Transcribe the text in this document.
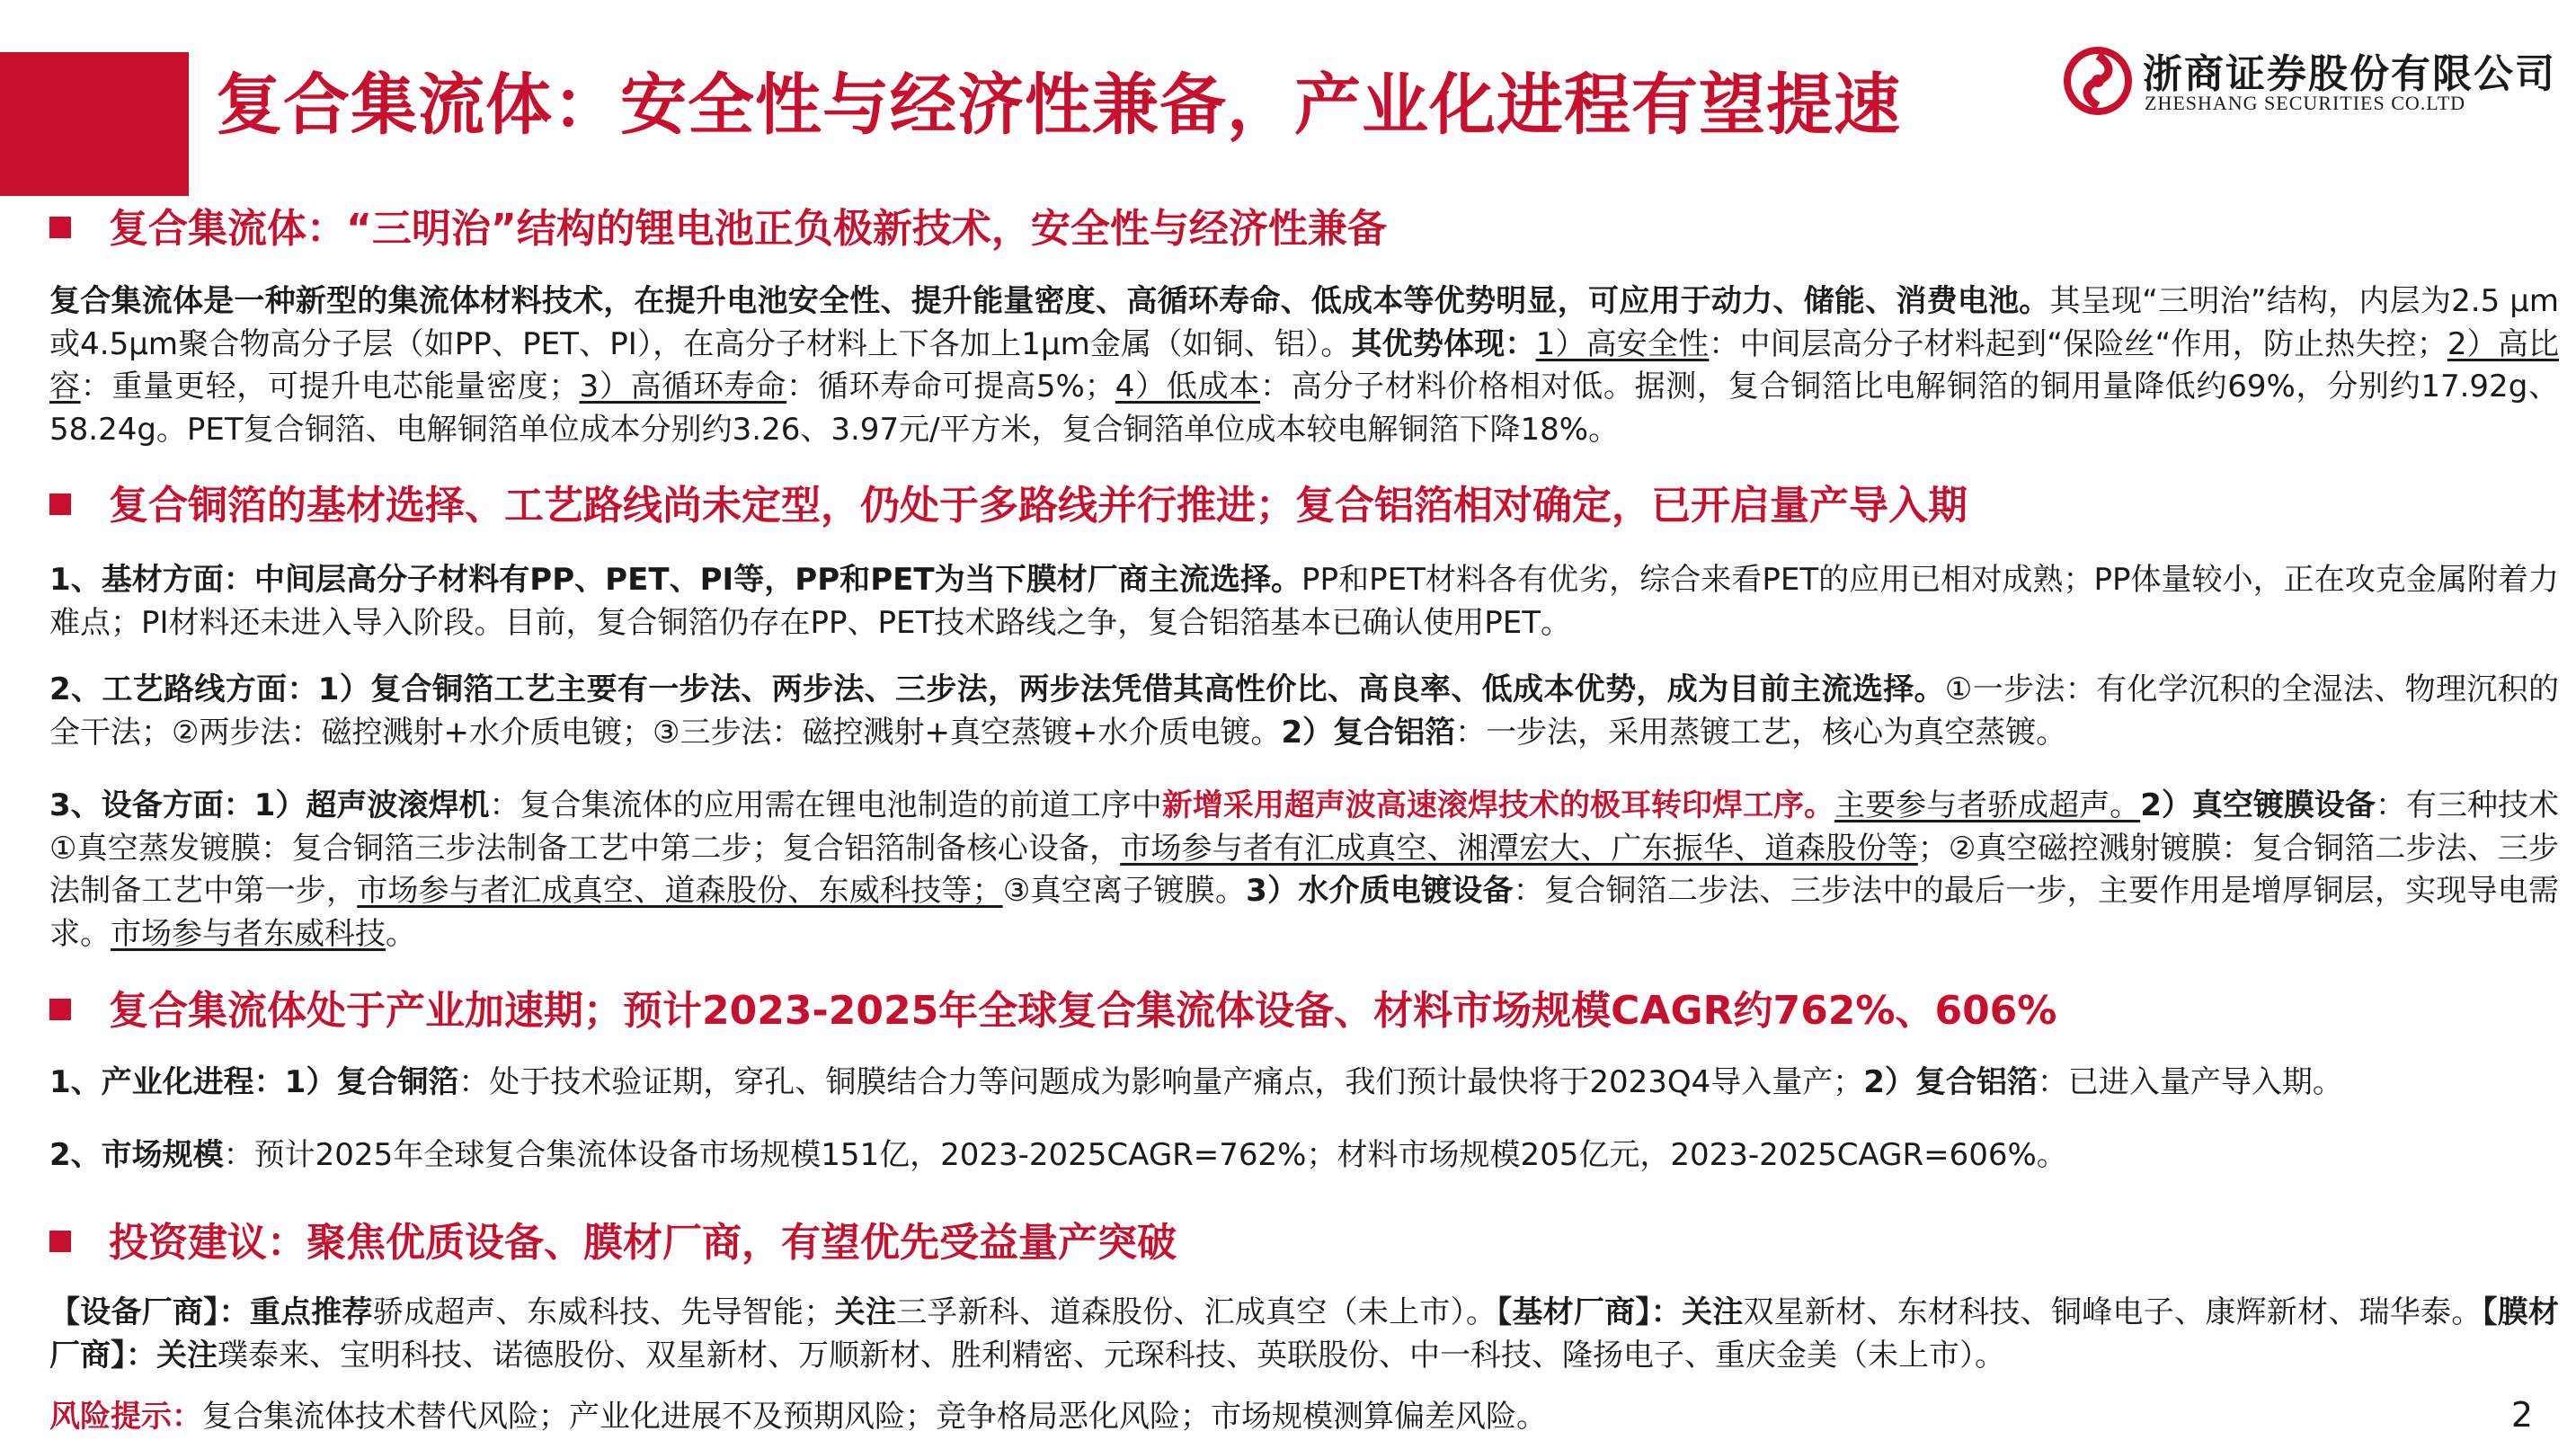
复合集流体：安全性与经济性兼备，产业化进程有望提速	浙商证券股份有限公司
ZHESHANG SECURITIES CO.LTD
复合集流体：“三明治”结构的锂电池正负极新技术，安全性与经济性兼备
复合集流体是一种新型的集流体材料技术，在提升电池安全性、提升能量密度、高循环寿命、低成本等优势明显，可应用于动力、储能、消费电池。其呈现“三明治”结构，内层为2.5 μm或4.5μm聚合物高分子层（如PP、PET、PI），在高分子材料上下各加上1μm金属（如铜、铝）。其优势体现：1）高安全性：中间层高分子材料起到“保险丝“作用，防止热失控；2）高比容：重量更轻，可提升电芯能量密度；3）高循环寿命：循环寿命可提高5%；4）低成本：高分子材料价格相对低。据测，复合铜箔比电解铜箔的铜用量降低约69%，分别约17.92g、58.24g。PET复合铜箔、电解铜箔单位成本分别约3.26、3.97元/平方米，复合铜箔单位成本较电解铜箔下降18%。
复合铜箔的基材选择、工艺路线尚未定型，仍处于多路线并行推进；复合铝箔相对确定，已开启量产导入期
1、基材方面：中间层高分子材料有PP、PET、PI等，PP和PET为当下膜材厂商主流选择。PP和PET材料各有优劣，综合来看PET的应用已相对成熟；PP体量较小，正在攻克金属附着力难点；PI材料还未进入导入阶段。目前，复合铜箔仍存在PP、PET技术路线之争，复合铝箔基本已确认使用PET。
2、工艺路线方面：1）复合铜箔工艺主要有一步法、两步法、三步法，两步法凭借其高性价比、高良率、低成本优势，成为目前主流选择。①一步法：有化学沉积的全湿法、物理沉积的全干法；②两步法：磁控溅射+水介质电镀；③三步法：磁控溅射+真空蒸镀+水介质电镀。2）复合铝箔：一步法，采用蒸镀工艺，核心为真空蒸镀。
3、设备方面：1）超声波滚焊机：复合集流体的应用需在锂电池制造的前道工序中新增采用超声波高速滚焊技术的极耳转印焊工序。主要参与者骄成超声。2）真空镀膜设备：有三种技术①真空蒸发镀膜：复合铜箔三步法制备工艺中第二步；复合铝箔制备核心设备，市场参与者有汇成真空、湘潭宏大、广东振华、道森股份等；②真空磁控溅射镀膜：复合铜箔二步法、三步法制备工艺中第一步，市场参与者汇成真空、道森股份、东威科技等；③真空离子镀膜。3）水介质电镀设备：复合铜箔二步法、三步法中的最后一步，主要作用是增厚铜层，实现导电需求。市场参与者东威科技。
复合集流体处于产业加速期；预计2023-2025年全球复合集流体设备、材料市场规模CAGR约762%、606%
1、产业化进程：1）复合铜箔：处于技术验证期，穿孔、铜膜结合力等问题成为影响量产痛点，我们预计最快将于2023Q4导入量产；2）复合铝箔：已进入量产导入期。
2、市场规模：预计2025年全球复合集流体设备市场规模151亿，2023-2025CAGR=762%；材料市场规模205亿元，2023-2025CAGR=606%。
投资建议：聚焦优质设备、膜材厂商，有望优先受益量产突破
【设备厂商】：重点推荐骄成超声、东威科技、先导智能；关注三孚新科、道森股份、汇成真空（未上市）。【基材厂商】：关注双星新材、东材科技、铜峰电子、康辉新材、瑞华泰。【膜材厂商】：关注璞泰来、宝明科技、诺德股份、双星新材、万顺新材、胜利精密、元琛科技、英联股份、中一科技、隆扬电子、重庆金美（未上市）。
风险提示：复合集流体技术替代风险；产业化进展不及预期风险；竞争格局恶化风险；市场规模测算偏差风险。	2
